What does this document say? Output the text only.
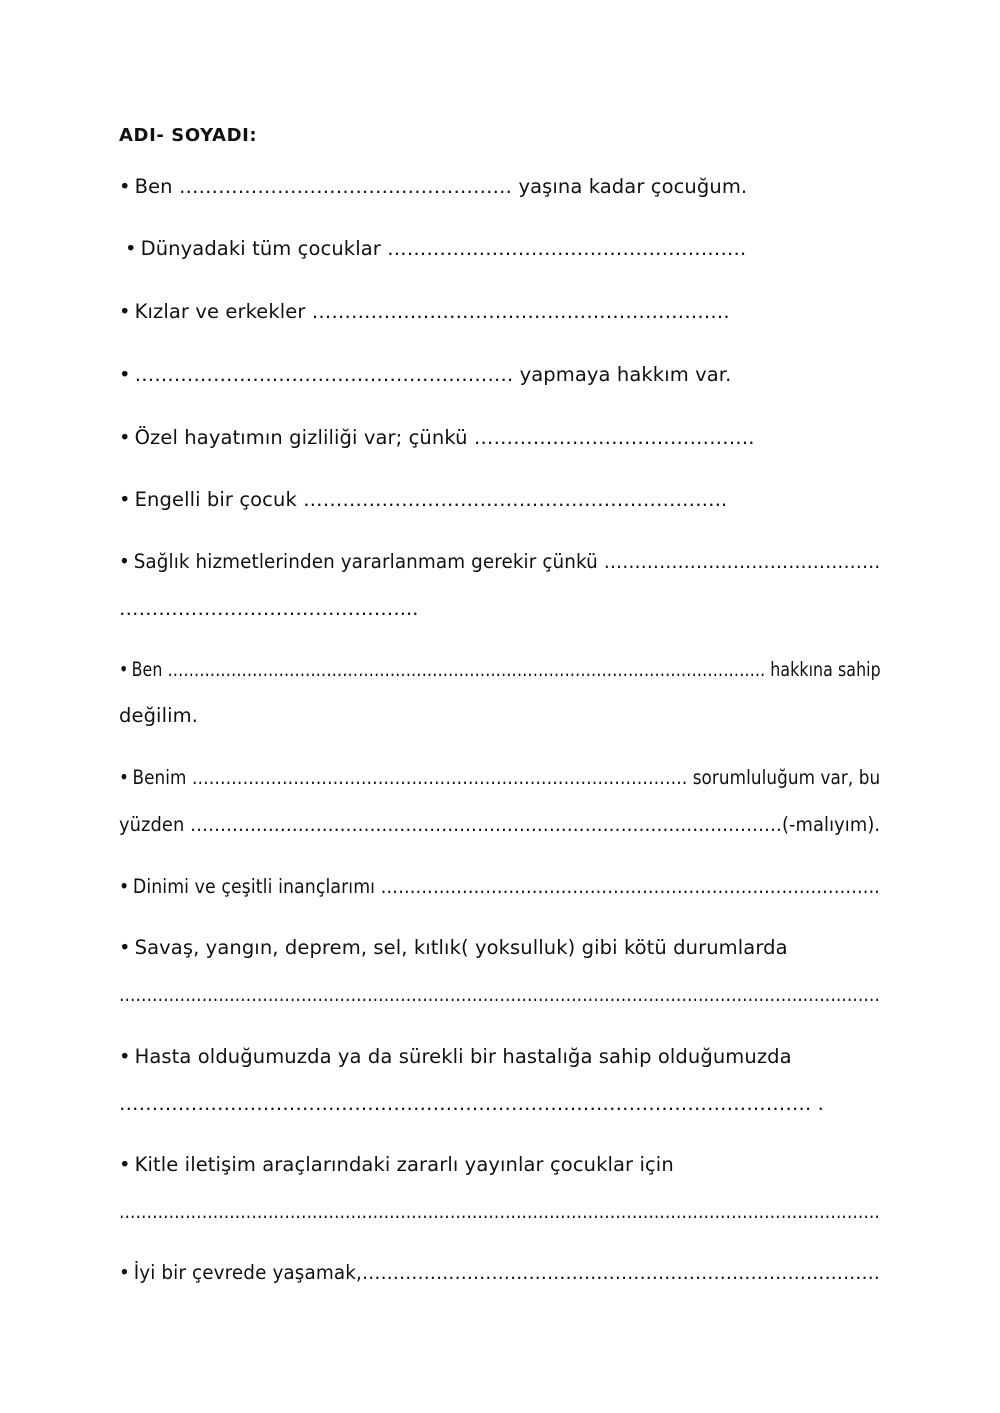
ADI- SOYADI:
• Ben …………………………………………… yaşına kadar çocuğum.
• Dünyadaki tüm çocuklar ……………………………………………….
• Kızlar ve erkekler ……………………………………………………….
• …………………………………………………. yapmaya hakkım var.
• Özel hayatımın gizliliği var; çünkü …………………………………….
• Engelli bir çocuk ………………………………………………………..
• Sağlık hizmetlerinden yararlanmam gerekir çünkü ………………………………………
……………………………………....
• Ben ………………………………………………………………………………………………….. hakkına sahip
değilim.
• Benim ……………………………………………………………………………. sorumluluğum var, bu
yüzden ………………………………………………………………………………………(-malıyım).
• Dinimi ve çeşitli inançlarımı …………………………………………………………………………..
• Savaş, yangın, deprem, sel, kıtlık( yoksulluk) gibi kötü durumlarda
…………………………………………………………………………………………………………………………
• Hasta olduğumuzda ya da sürekli bir hastalığa sahip olduğumuzda
……………………………………………………………………………………………. .
• Kitle iletişim araçlarındaki zararlı yayınlar çocuklar için
…………………………………………………………………………………………………………………………
• İyi bir çevrede yaşamak,…………………………………………………………………………
